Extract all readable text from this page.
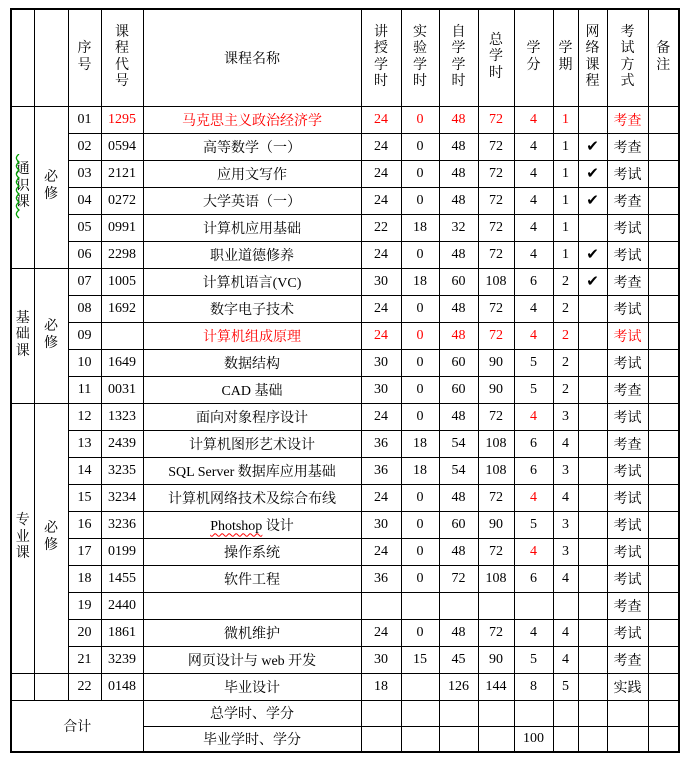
		序号	课程代号	课程名称	讲授学时	实验学时	自学学时	总学时	学分	学期	网络课程	考试方式	备注

通识课	必修	01	1295	马克思主义政治经济学	24	0	48	72	4	1		考查	
		02	0594	高等数学（一）	24	0	48	72	4	1	✔	考查	
		03	2121	应用文写作	24	0	48	72	4	1	✔	考试	
		04	0272	大学英语（一）	24	0	48	72	4	1	✔	考查	
		05	0991	计算机应用基础	22	18	32	72	4	1		考试	
		06	2298	职业道德修养	24	0	48	72	4	1	✔	考试	
基础课	必修	07	1005	计算机语言(VC)	30	18	60	108	6	2	✔	考查	
		08	1692	数字电子技术	24	0	48	72	4	2		考试	
		09		计算机组成原理	24	0	48	72	4	2		考试	
		10	1649	数据结构	30	0	60	90	5	2		考试	
		11	0031	CAD 基础	30	0	60	90	5	2		考查	
专业课	必修	12	1323	面向对象程序设计	24	0	48	72	4	3		考试	
		13	2439	计算机图形艺术设计	36	18	54	108	6	4		考查	
		14	3235	SQL Server 数据库应用基础	36	18	54	108	6	3		考试	
		15	3234	计算机网络技术及综合布线	24	0	48	72	4	4		考试	
		16	3236	Photshop 设计	30	0	60	90	5	3		考试	
		17	0199	操作系统	24	0	48	72	4	3		考试	
		18	1455	软件工程	36	0	72	108	6	4		考试	
		19	2440									考查	
		20	1861	微机维护	24	0	48	72	4	4		考试	
		21	3239	网页设计与 web 开发	30	15	45	90	5	4		考查	
		22	0148	毕业设计	18		126	144	8	5		实践	
合计				总学时、学分									
				毕业学时、学分					100				
